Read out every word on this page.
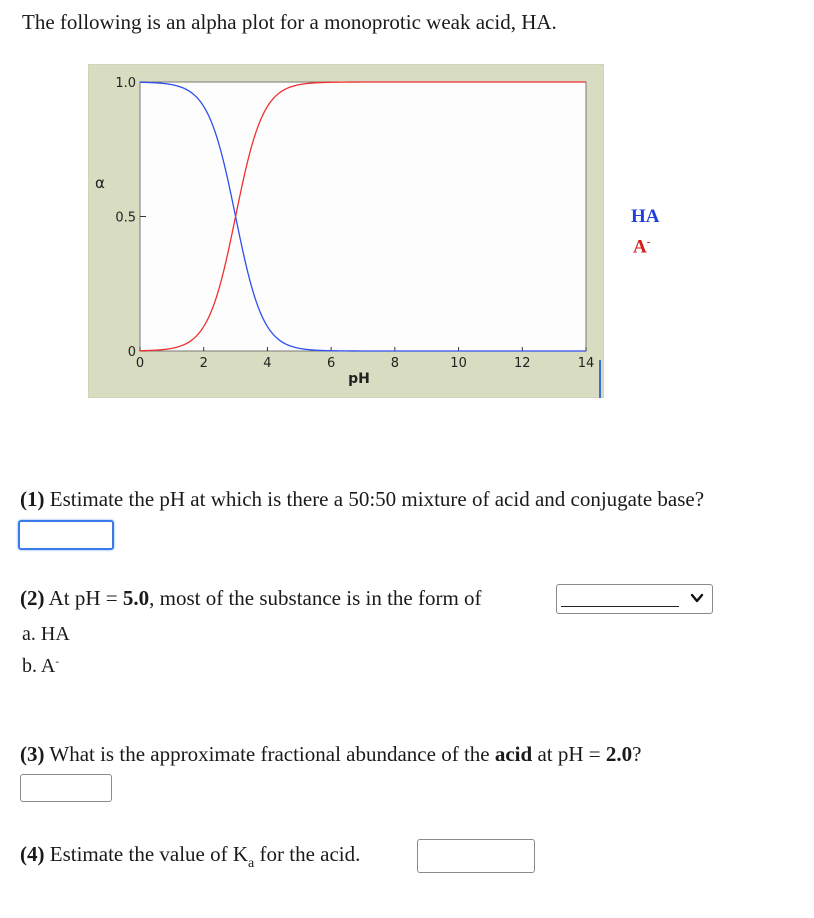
The following is an alpha plot for a monoprotic weak acid, HA.
0	2	4	6	8	10	12	14
0
0.5
1.0
pH
α
HA
A-
(1) Estimate the pH at which is there a 50:50 mixture of acid and conjugate base?
(2) At pH = 5.0, most of the substance is in the form of
a. HA
b. A-
(3) What is the approximate fractional abundance of the acid at pH = 2.0?
(4) Estimate the value of $K_a$ for the acid.
